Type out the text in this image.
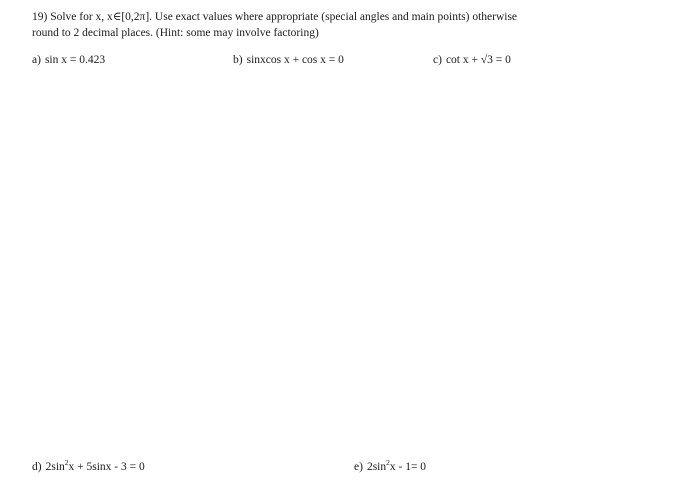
19) Solve for x, x∈[0,2π]. Use exact values where appropriate (special angles and main points) otherwise
round to 2 decimal places. (Hint: some may involve factoring)

a) sin x = 0.423	b) sinxcos x + cos x = 0	c) cot x + √3 = 0
d) $2\sin^2x + 5\sin x - 3 = 0$	e) $2\sin^2x - 1= 0$
